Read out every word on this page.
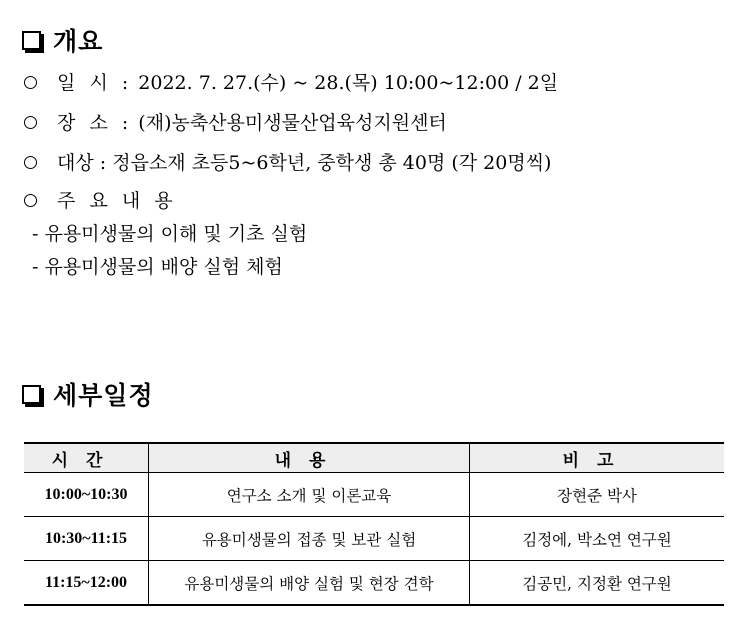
개요
일 시 : 2022. 7. 27.(수) ~ 28.(목) 10:00~12:00 / 2일
장 소 : (재)농축산용미생물산업육성지원센터
대상 : 정읍소재 초등5~6학년, 중학생 총 40명 (각 20명씩)
주 요 내 용
- 유용미생물의 이해 및 기초 실험
- 유용미생물의 배양 실험 체험
세부일정
시간	내용	비고
10:00~10:30	연구소 소개 및 이론교육	장현준 박사
10:30~11:15	유용미생물의 접종 및 보관 실험	김정에, 박소연 연구원
11:15~12:00	유용미생물의 배양 실험 및 현장 견학	김공민, 지정환 연구원
